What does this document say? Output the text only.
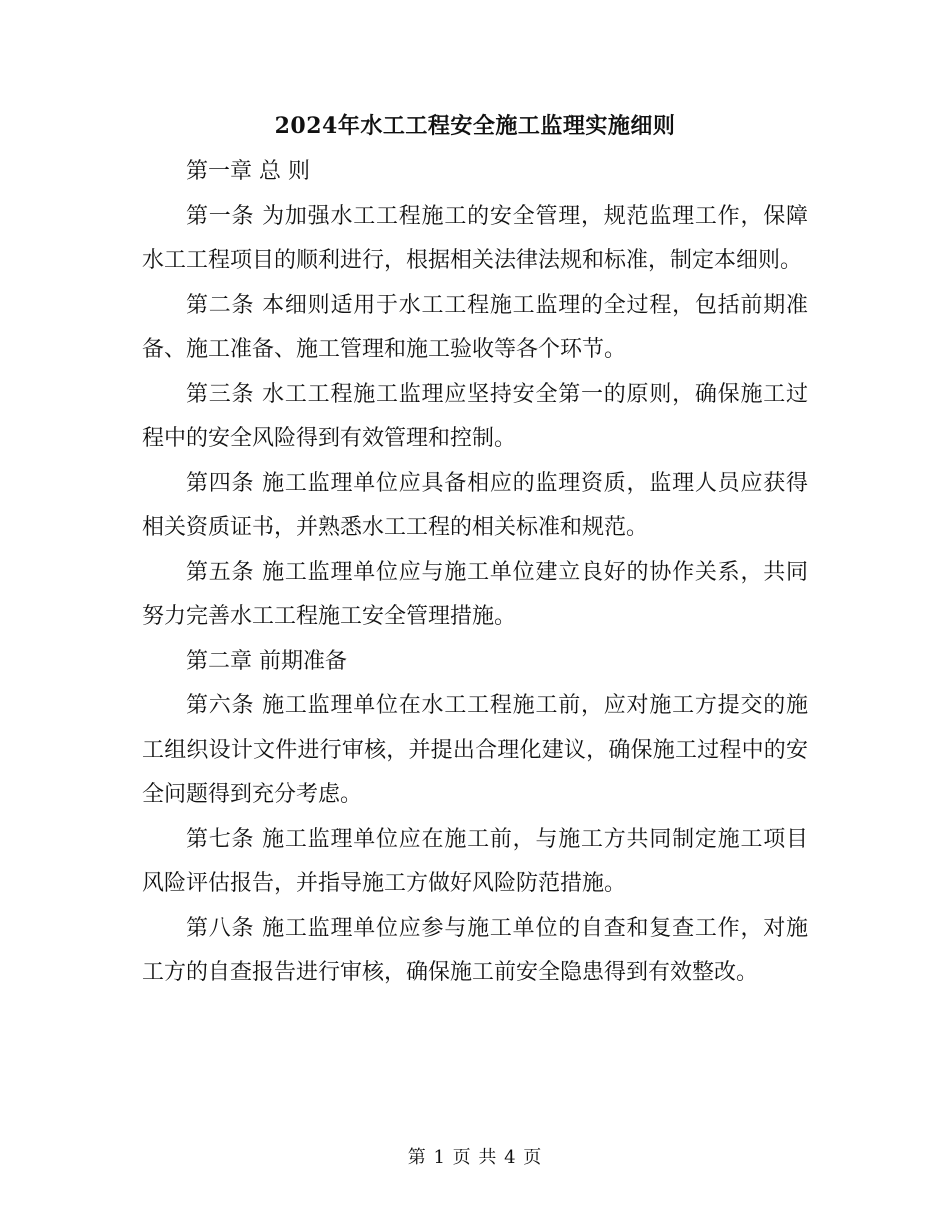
2024年水工工程安全施工监理实施细则

第一章 总 则

第一条 为加强水工工程施工的安全管理，规范监理工作，保障水工工程项目的顺利进行，根据相关法律法规和标准，制定本细则。

第二条 本细则适用于水工工程施工监理的全过程，包括前期准备、施工准备、施工管理和施工验收等各个环节。

第三条 水工工程施工监理应坚持安全第一的原则，确保施工过程中的安全风险得到有效管理和控制。

第四条 施工监理单位应具备相应的监理资质，监理人员应获得相关资质证书，并熟悉水工工程的相关标准和规范。

第五条 施工监理单位应与施工单位建立良好的协作关系，共同努力完善水工工程施工安全管理措施。

第二章 前期准备

第六条 施工监理单位在水工工程施工前，应对施工方提交的施工组织设计文件进行审核，并提出合理化建议，确保施工过程中的安全问题得到充分考虑。

第七条 施工监理单位应在施工前，与施工方共同制定施工项目风险评估报告，并指导施工方做好风险防范措施。

第八条 施工监理单位应参与施工单位的自查和复查工作，对施工方的自查报告进行审核，确保施工前安全隐患得到有效整改。

第 1 页 共 4 页
